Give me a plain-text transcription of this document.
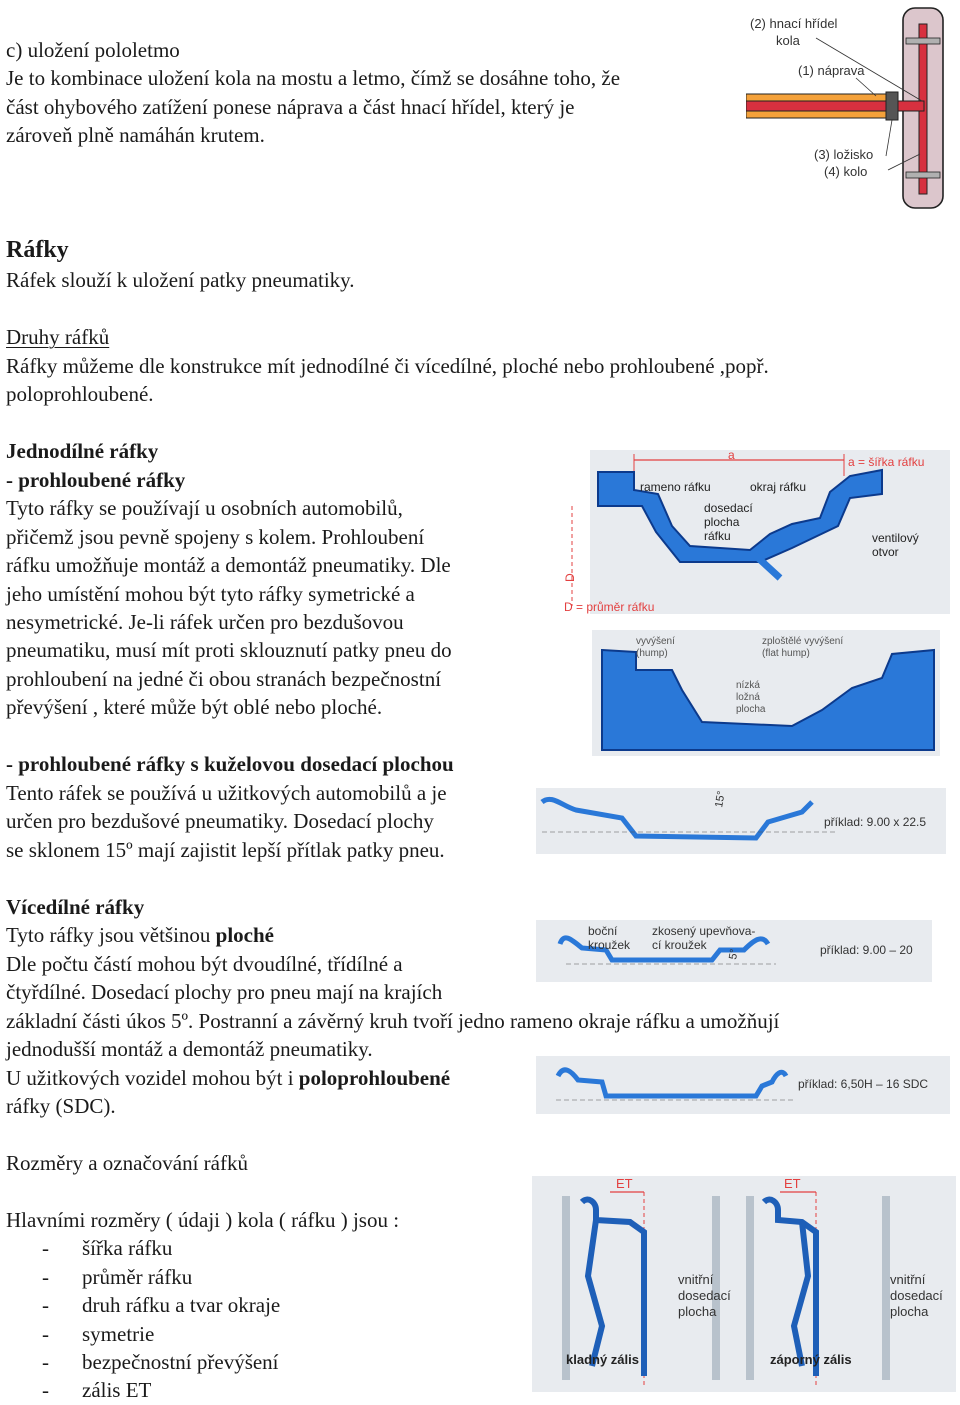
c) uložení pololetmo
Je to kombinace uložení kola na mostu a letmo, čímž se dosáhne toho, že
část ohybového zatížení ponese náprava a část hnací hřídel, který je
zároveň plně namáhán krutem.
Ráfky
Ráfek slouží k uložení patky pneumatiky.
Druhy ráfků
Ráfky můžeme dle konstrukce mít jednodílné či vícedílné, ploché nebo prohloubené ,popř.
poloprohloubené.
Jednodílné ráfky
- prohloubené ráfky
Tyto ráfky se používají u osobních automobilů,
přičemž jsou pevně spojeny s kolem. Prohloubení
ráfku umožňuje montáž a demontáž pneumatiky. Dle
jeho umístění mohou být tyto ráfky symetrické a
nesymetrické. Je-li ráfek určen pro bezdušovou
pneumatiku, musí mít proti sklouznutí patky pneu do
prohloubení na jedné či obou stranách bezpečnostní
převýšení , které může být oblé nebo ploché.
- prohloubené ráfky s kuželovou dosedací plochou
Tento ráfek se používá u užitkových automobilů a je
určen pro bezdušové pneumatiky. Dosedací plochy
se sklonem 15º mají zajistit lepší přítlak patky pneu.
Vícedílné ráfky
Tyto ráfky jsou většinou ploché
Dle počtu částí mohou být dvoudílné, třídílné a
čtyřdílné. Dosedací plochy pro pneu mají na krajích
základní části úkos 5º. Postranní a závěrný kruh tvoří jedno rameno okraje ráfku a umožňují
jednodušší montáž a demontáž pneumatiky.
U užitkových vozidel mohou být i poloprohloubené
ráfky (SDC).
Rozměry a označování ráfků
Hlavními rozměry ( údaji ) kola ( ráfku ) jsou :
- šířka ráfku
- průměr ráfku
- druh ráfku a tvar okraje
- symetrie
- bezpečnostní převýšení
- zális ET
(2) hnací hřídel
kola
(1) náprava
(3) ložisko
(4) kolo
a	a = šířka ráfku
D
D = průměr ráfku
rameno ráfku	okraj ráfku
dosedací
plocha
ráfku	ventilový
otvor
vyvýšení
(hump)
zploštělé vyvýšení
(flat hump)
nízká
ložná
plocha
15°
příklad: 9.00 x 22.5
boční
kroužek
zkosený upevňova-
cí kroužek
5°	příklad: 9.00 – 20
příklad: 6,50H – 16 SDC
ET
vnitřní
dosedací
plocha
kladný zális
ET
vnitřní
dosedací
plocha
záporný zális
